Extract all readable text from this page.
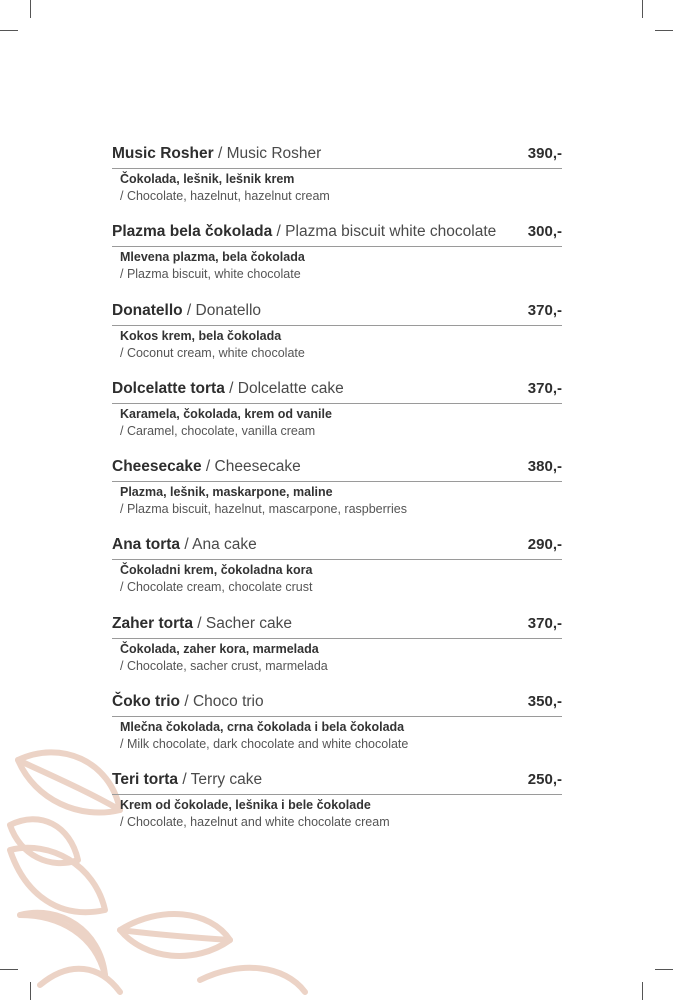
Music Rosher / Music Rosher	390,-
Čokolada, lešnik, lešnik krem
/ Chocolate, hazelnut, hazelnut cream
Plazma bela čokolada / Plazma biscuit white chocolate 300,-
Mlevena plazma, bela čokolada
/ Plazma biscuit, white chocolate
Donatello / Donatello	370,-
Kokos krem, bela čokolada
/ Coconut cream, white chocolate
Dolcelatte torta / Dolcelatte cake	370,-
Karamela, čokolada, krem od vanile
/ Caramel, chocolate, vanilla cream
Cheesecake / Cheesecake	380,-
Plazma, lešnik, maskarpone, maline
/ Plazma biscuit, hazelnut, mascarpone, raspberries
Ana torta / Ana cake	290,-
Čokoladni krem, čokoladna kora
/ Chocolate cream, chocolate crust
Zaher torta / Sacher cake	370,-
Čokolada, zaher kora, marmelada
/ Chocolate, sacher crust, marmelada
Čoko trio / Choco trio	350,-
Mlečna čokolada, crna čokolada i bela čokolada
/ Milk chocolate, dark chocolate and white chocolate
Teri torta / Terry cake	250,-
Krem od čokolade, lešnika i bele čokolade
/ Chocolate, hazelnut and white chocolate cream
